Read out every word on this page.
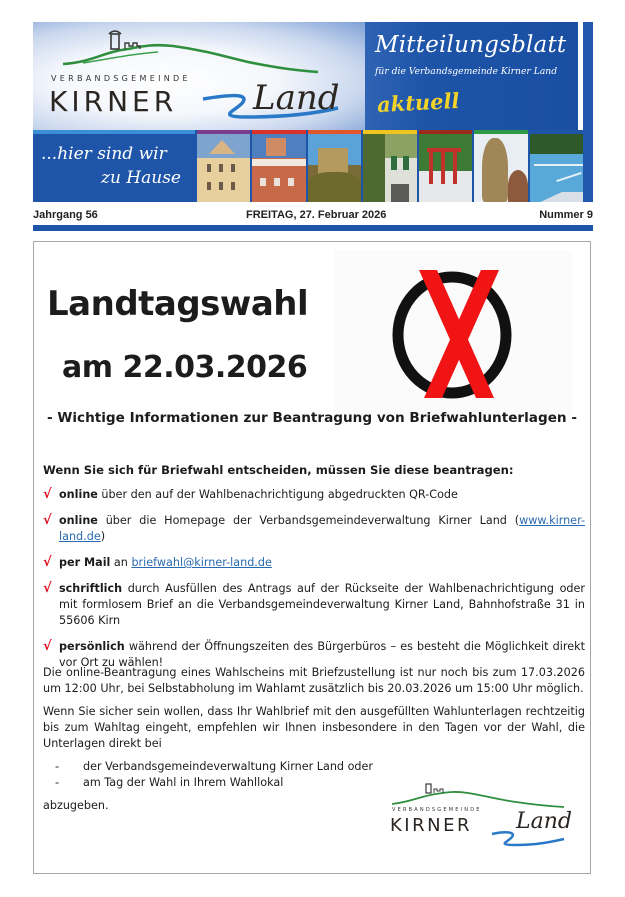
VERBANDSGEMEINDE
KIRNER Land
Mitteilungsblatt
für die Verbandsgemeinde Kirner Land
aktuell
...hier sind wir
zu Hause
Jahrgang 56	FREITAG, 27. Februar 2026	Nummer 9
Landtagswahl
am 22.03.2026
- Wichtige Informationen zur Beantragung von Briefwahlunterlagen -
Wenn Sie sich für Briefwahl entscheiden, müssen Sie diese beantragen:
√ online über den auf der Wahlbenachrichtigung abgedruckten QR-Code
√ online über die Homepage der Verbandsgemeindeverwaltung Kirner Land (www.kirner-land.de)
√ per Mail an briefwahl@kirner-land.de
√ schriftlich durch Ausfüllen des Antrags auf der Rückseite der Wahlbenachrichtigung oder mit formlosem Brief an die Verbandsgemeindeverwaltung Kirner Land, Bahnhofstraße 31 in 55606 Kirn
√ persönlich während der Öffnungszeiten des Bürgerbüros – es besteht die Möglichkeit direkt vor Ort zu wählen!
Die online-Beantragung eines Wahlscheins mit Briefzustellung ist nur noch bis zum 17.03.2026 um 12:00 Uhr, bei Selbstabholung im Wahlamt zusätzlich bis 20.03.2026 um 15:00 Uhr möglich.
Wenn Sie sicher sein wollen, dass Ihr Wahlbrief mit den ausgefüllten Wahlunterlagen rechtzeitig bis zum Wahltag eingeht, empfehlen wir Ihnen insbesondere in den Tagen vor der Wahl, die Unterlagen direkt bei
-	der Verbandsgemeindeverwaltung Kirner Land oder
-	am Tag der Wahl in Ihrem Wahllokal
abzugeben.	VERBANDSGEMEINDE
KIRNER Land
